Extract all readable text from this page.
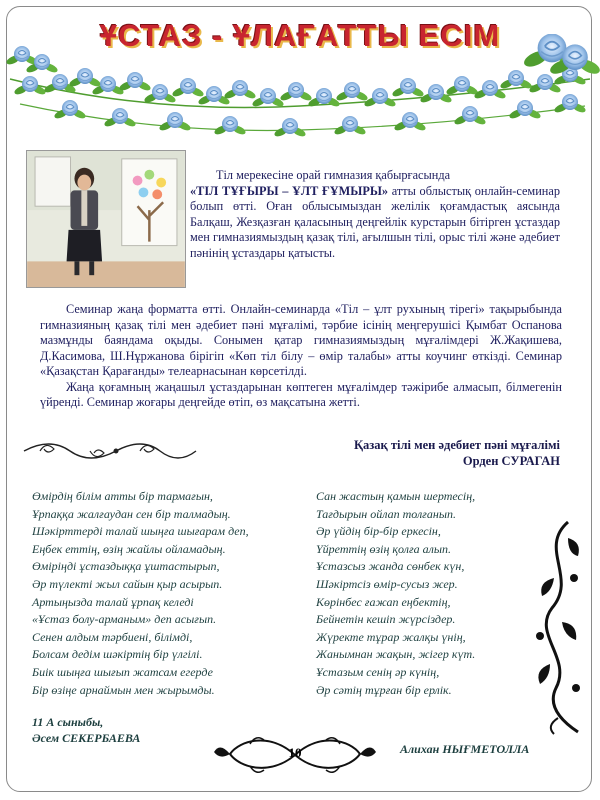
ҰСТАЗ - ҰЛАҒАТТЫ ЕСІМ

Тіл мерекесіне орай гимназия қабырғасында
«ТІЛ ТҰҒЫРЫ – ҰЛТ ҒҰМЫРЫ» атты облыстық онлайн-семинар болып өтті. Оған облысымыздан желілік қоғамдастық аясында Балқаш, Жезқазған қаласының деңгейлік курстарын бітірген ұстаздар мен гимназиямыздың қазақ тілі, ағылшын тілі, орыс тілі және әдебиет пәнінің ұстаздары қатысты.

Семинар жаңа форматта өтті. Онлайн-семинарда «Тіл – ұлт рухының тірегі» тақырыбында гимназияның қазақ тілі мен әдебиет пәні мұғалімі, тәрбие ісінің меңгерушісі Қымбат Оспанова мазмұнды баяндама оқыды. Сонымен қатар гимназиямыздың мұғалімдері Ж.Жақишева, Д.Касимова, Ш.Нұржанова бірігіп «Көп тіл білу – өмір талабы» атты коучинг өткізді. Семинар «Қазақстан Қарағанды» телеарнасынан көрсетілді.

Жаңа қоғамның жаңашыл ұстаздарынан көптеген мұғалімдер тәжірибе алмасып, білмегенін үйренді. Семинар жоғары деңгейде өтіп, өз мақсатына жетті.

Қазақ тілі мен әдебиет пәні мұғалімі
Орден СУРАГАН
Өмірдің білім атты бір тармағын,
Ұрпаққа жалғаудан сен бір талмадың.
Шәкірттерді талай шыңға шығарам деп,
Еңбек еттің, өзің жайлы ойламадың.
Өміріңді ұстаздыққа ұштастырып,
Әр түлекті жыл сайын қыр асырып.
Артыңызда талай ұрпақ келеді
«Ұстаз болу-арманым» деп асығып.
Сенен алдым тәрбиені, білімді,
Болсам дедім шәкіртің бір үлгілі.
Биік шыңға шығып жатсам егерде
Бір өзіңе арнаймын мен жырымды.
Сан жастың қамын шертесің,
Тағдырын ойлап толғанып.
Әр үйдің бір-бір еркесін,
Үйреттің өзің қолға алып.
Ұстазсыз жанда сөнбек күн,
Шәкіртсіз өмір-сусыз жер.
Көрінбес ғажап еңбектің,
Бейнетін кешіп жүрсіздер.
Жүректе тұрар жалқы үнің,
Жанымнан жақын, жігер күт.
Ұстазым сенің әр күнің,
Әр сәтің тұрған бір ерлік.
11 А сыныбы,
Әсем СЕКЕРБАЕВА
10	Алихан НЫҒМЕТОЛЛА
